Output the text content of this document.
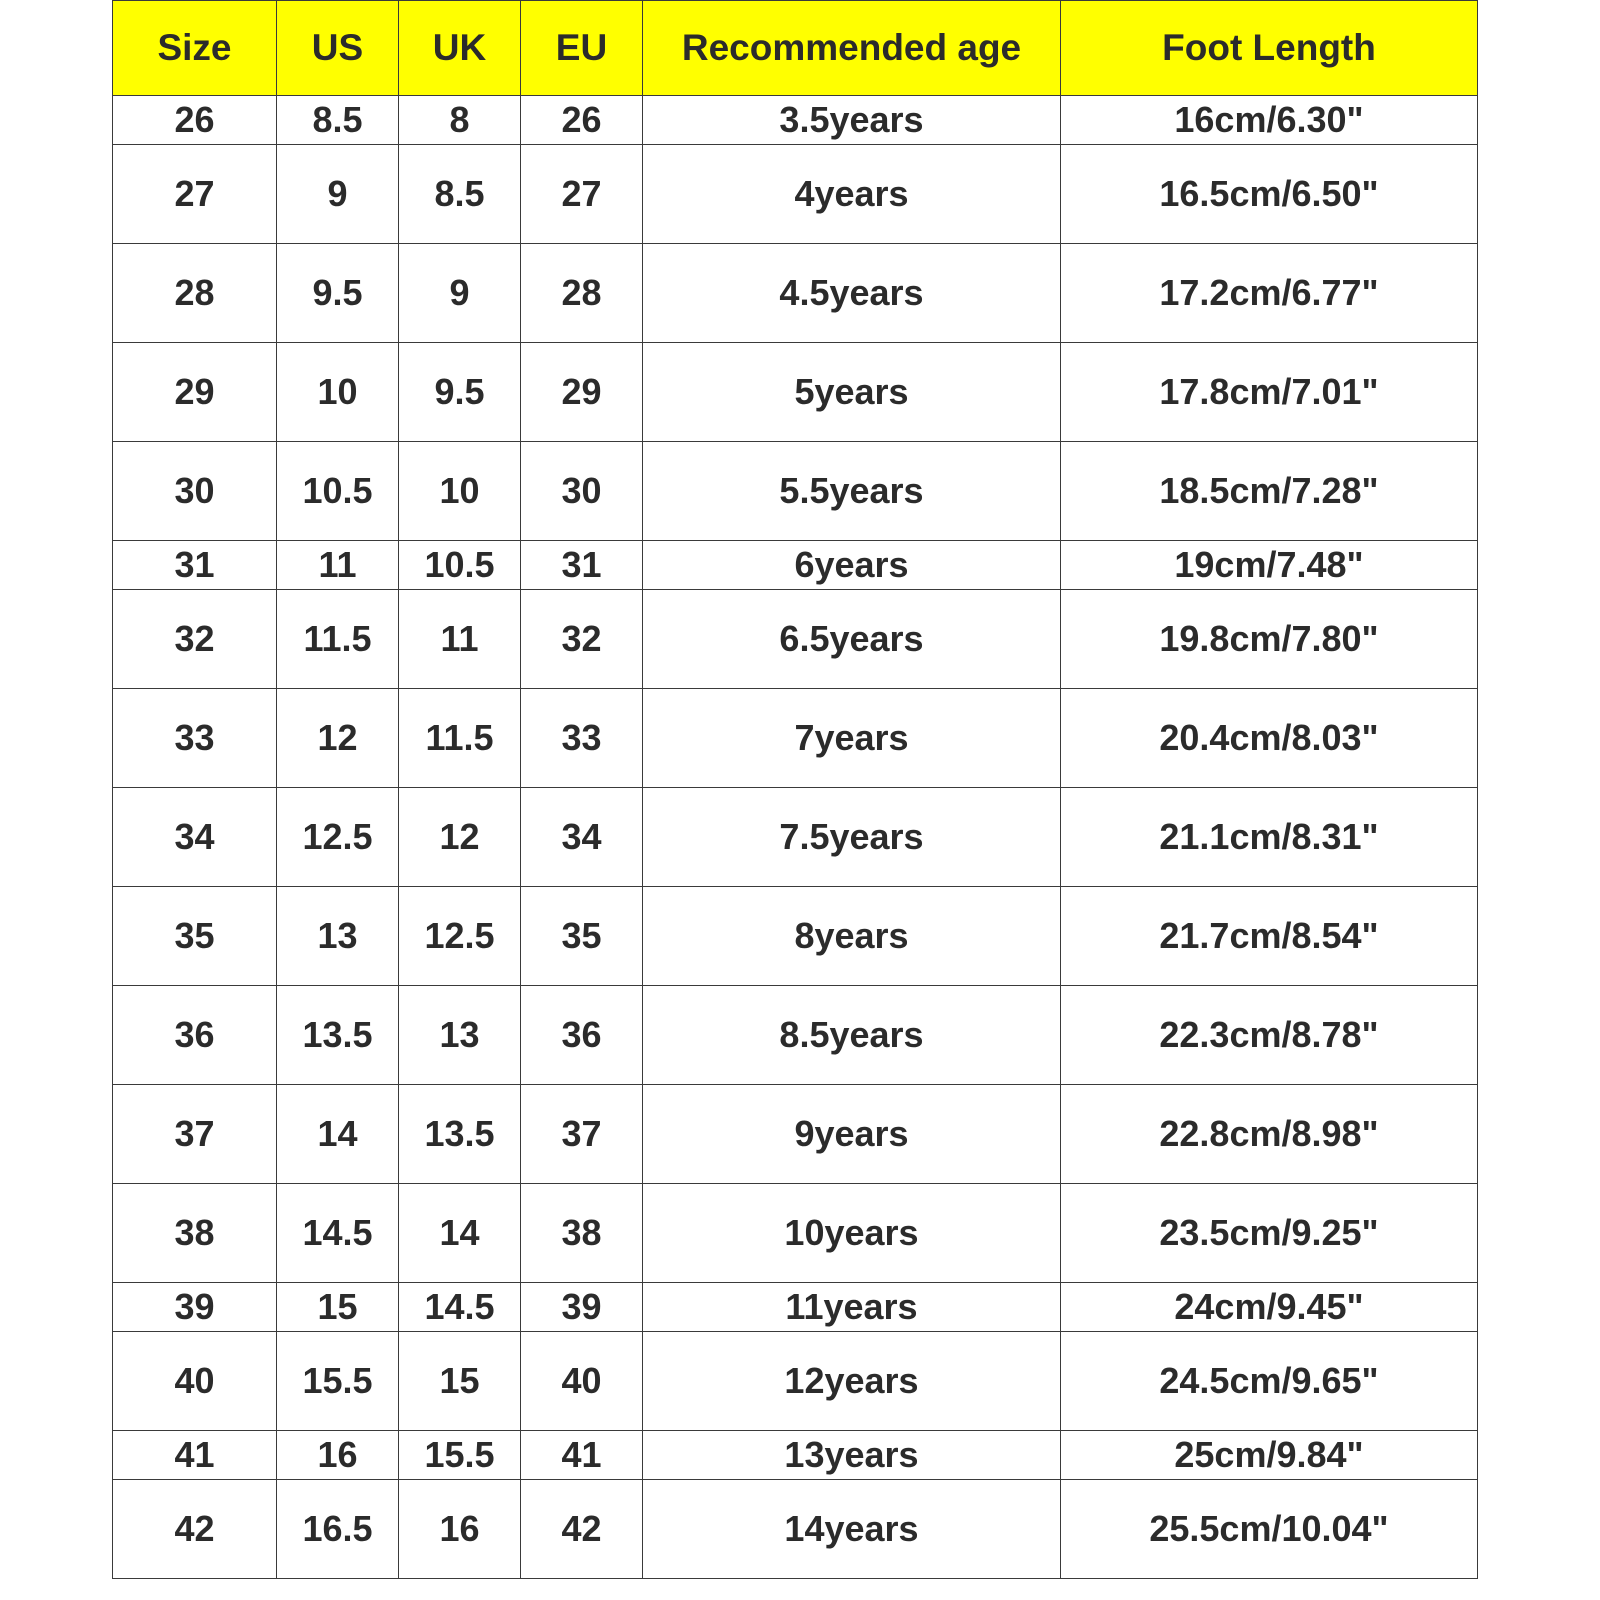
Size	US	UK	EU	Recommended age	Foot Length
26	8.5	8	26	3.5years	16cm/6.30"
27	9	8.5	27	4years	16.5cm/6.50"
28	9.5	9	28	4.5years	17.2cm/6.77"
29	10	9.5	29	5years	17.8cm/7.01"
30	10.5	10	30	5.5years	18.5cm/7.28"
31	11	10.5	31	6years	19cm/7.48"
32	11.5	11	32	6.5years	19.8cm/7.80"
33	12	11.5	33	7years	20.4cm/8.03"
34	12.5	12	34	7.5years	21.1cm/8.31"
35	13	12.5	35	8years	21.7cm/8.54"
36	13.5	13	36	8.5years	22.3cm/8.78"
37	14	13.5	37	9years	22.8cm/8.98"
38	14.5	14	38	10years	23.5cm/9.25"
39	15	14.5	39	11years	24cm/9.45"
40	15.5	15	40	12years	24.5cm/9.65"
41	16	15.5	41	13years	25cm/9.84"
42	16.5	16	42	14years	25.5cm/10.04"
